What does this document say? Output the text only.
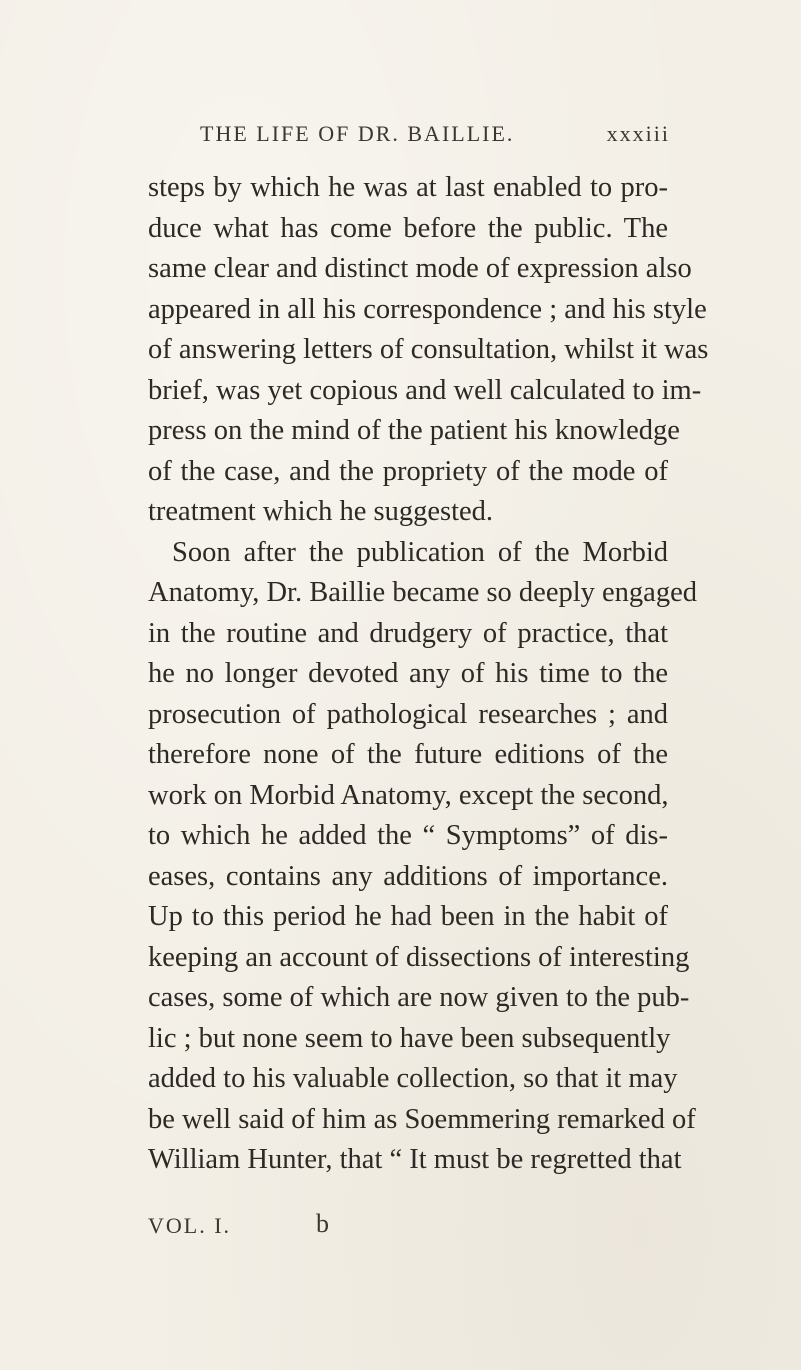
THE LIFE OF DR. BAILLIE.	xxxiii
steps by which he was at last enabled to pro-
duce what has come before the public. The
same clear and distinct mode of expression also
appeared in all his correspondence ; and his style
of answering letters of consultation, whilst it was
brief, was yet copious and well calculated to im-
press on the mind of the patient his knowledge
of the case, and the propriety of the mode of
treatment which he suggested.
Soon after the publication of the Morbid
Anatomy, Dr. Baillie became so deeply engaged
in the routine and drudgery of practice, that
he no longer devoted any of his time to the
prosecution of pathological researches ; and
therefore none of the future editions of the
work on Morbid Anatomy, except the second,
to which he added the “ Symptoms” of dis-
eases, contains any additions of importance.
Up to this period he had been in the habit of
keeping an account of dissections of interesting
cases, some of which are now given to the pub-
lic ; but none seem to have been subsequently
added to his valuable collection, so that it may
be well said of him as Soemmering remarked of
William Hunter, that “ It must be regretted that
VOL. I.	b
